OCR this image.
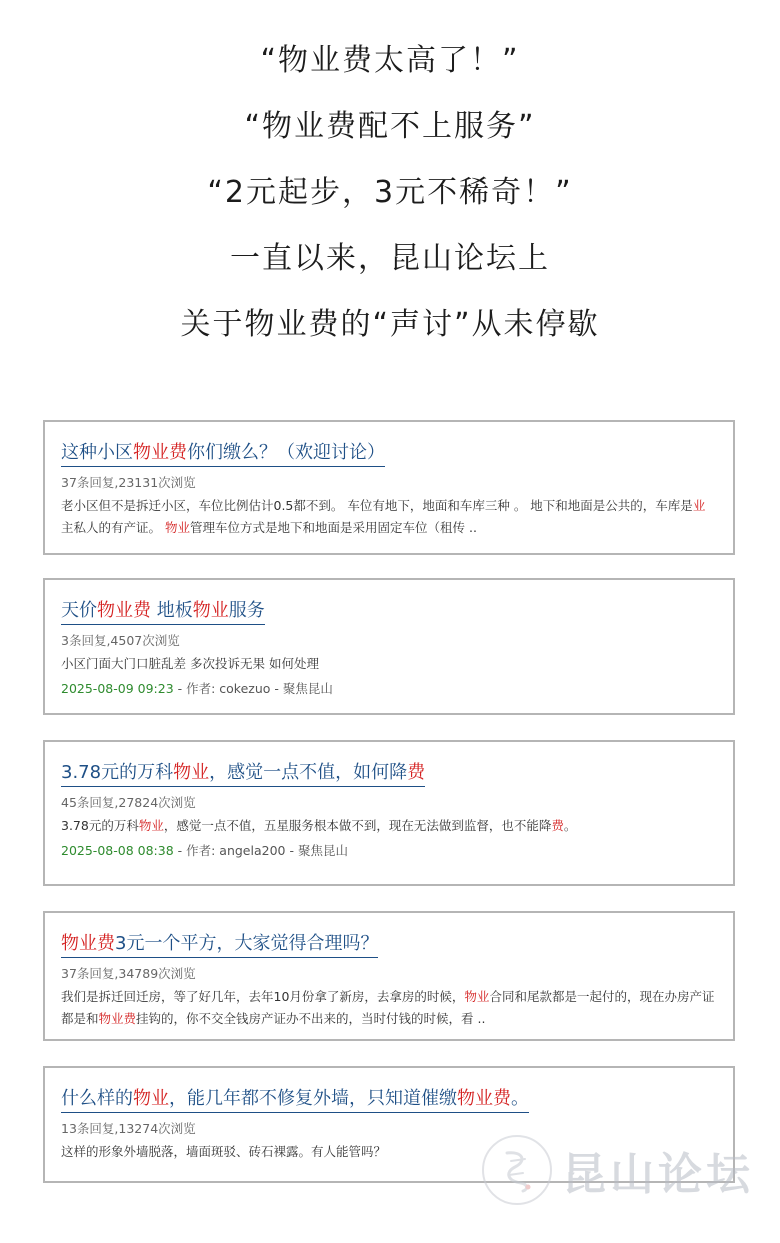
“物业费太高了！”
“物业费配不上服务”
“2元起步，3元不稀奇！”
一直以来，昆山论坛上
关于物业费的“声讨”从未停歇
这种小区物业费你们缴么？（欢迎讨论）
37条回复,23131次浏览
老小区但不是拆迁小区，车位比例估计0.5都不到。 车位有地下，地面和车库三种 。 地下和地面是公共的，车库是业主私人的有产证。 物业管理车位方式是地下和地面是采用固定车位（租传 ..
天价物业费 地板物业服务
3条回复,4507次浏览
小区门面大门口脏乱差 多次投诉无果 如何处理
2025-08-09 09:23 - 作者: cokezuo - 聚焦昆山
3.78元的万科物业，感觉一点不值，如何降费
45条回复,27824次浏览
3.78元的万科物业，感觉一点不值，五星服务根本做不到，现在无法做到监督，也不能降费。
2025-08-08 08:38 - 作者: angela200 - 聚焦昆山
物业费3元一个平方，大家觉得合理吗？
37条回复,34789次浏览
我们是拆迁回迁房，等了好几年，去年10月份拿了新房，去拿房的时候，物业合同和尾款都是一起付的，现在办房产证都是和物业费挂钩的，你不交全钱房产证办不出来的，当时付钱的时候，看 ..
什么样的物业，能几年都不修复外墙，只知道催缴物业费。
13条回复,13274次浏览
这样的形象外墙脱落，墙面斑驳、砖石裸露。有人能管吗？	昆山论坛
